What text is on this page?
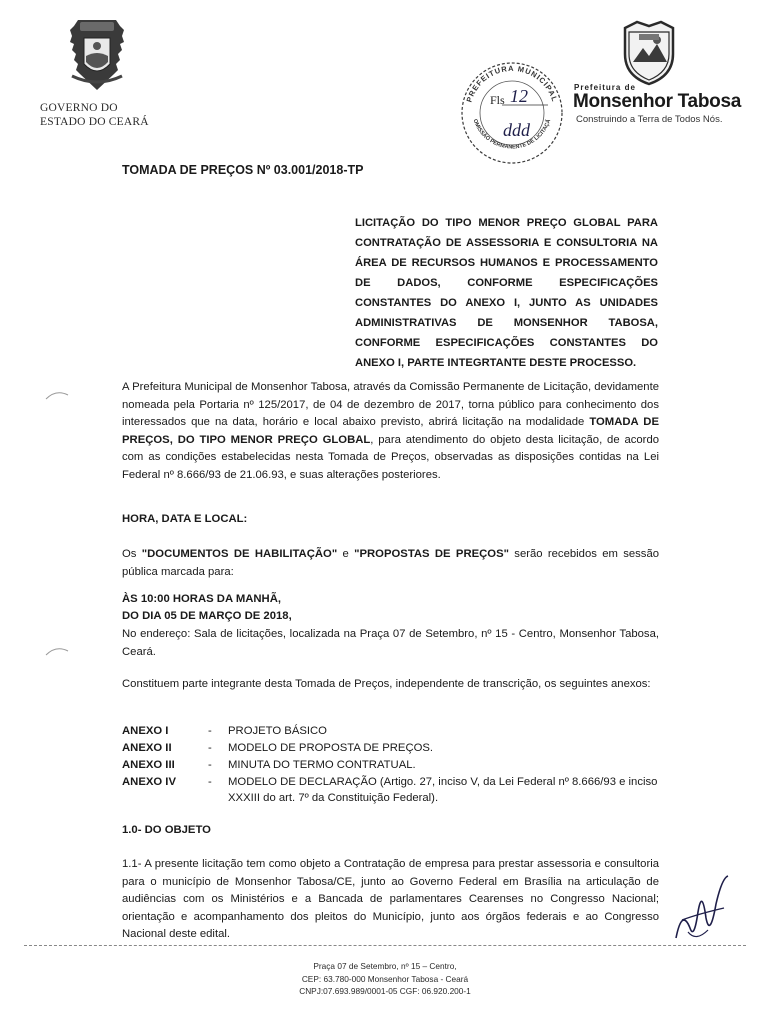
GOVERNO DO
ESTADO DO CEARÁ
PREFEITURA MUNICIPAL
OMISSÃO PERMANENTE DE LICITAÇÃ
Fls 12
ddd
Prefeitura de
Monsenhor Tabosa
Construindo a Terra de Todos Nós.
TOMADA DE PREÇOS Nº 03.001/2018-TP
LICITAÇÃO DO TIPO MENOR PREÇO GLOBAL PARA CONTRATAÇÃO DE ASSESSORIA E CONSULTORIA NA ÁREA DE RECURSOS HUMANOS E PROCESSAMENTO DE DADOS, CONFORME ESPECIFICAÇÕES CONSTANTES DO ANEXO I, JUNTO AS UNIDADES ADMINISTRATIVAS DE MONSENHOR TABOSA, CONFORME ESPECIFICAÇÕES CONSTANTES DO ANEXO I, PARTE INTEGRTANTE DESTE PROCESSO.
A Prefeitura Municipal de Monsenhor Tabosa, através da Comissão Permanente de Licitação, devidamente nomeada pela Portaria nº 125/2017, de 04 de dezembro de 2017, torna público para conhecimento dos interessados que na data, horário e local abaixo previsto, abrirá licitação na modalidade TOMADA DE PREÇOS, DO TIPO MENOR PREÇO GLOBAL, para atendimento do objeto desta licitação, de acordo com as condições estabelecidas nesta Tomada de Preços, observadas as disposições contidas na Lei Federal nº 8.666/93 de 21.06.93, e suas alterações posteriores.
HORA, DATA E LOCAL:
Os "DOCUMENTOS DE HABILITAÇÃO" e "PROPOSTAS DE PREÇOS" serão recebidos em sessão pública marcada para:
ÀS 10:00 HORAS DA MANHÃ,
DO DIA 05 DE MARÇO DE 2018,
No endereço: Sala de licitações, localizada na Praça 07 de Setembro, nº 15 - Centro, Monsenhor Tabosa, Ceará.
Constituem parte integrante desta Tomada de Preços, independente de transcrição, os seguintes anexos:
ANEXO I	- PROJETO BÁSICO
ANEXO II	- MODELO DE PROPOSTA DE PREÇOS.
ANEXO III	- MINUTA DO TERMO CONTRATUAL.
ANEXO IV	- MODELO DE DECLARAÇÃO (Artigo. 27, inciso V, da Lei Federal nº 8.666/93 e inciso XXXIII do art. 7º da Constituição Federal).
1.0- DO OBJETO
1.1- A presente licitação tem como objeto a Contratação de empresa para prestar assessoria e consultoria para o município de Monsenhor Tabosa/CE, junto ao Governo Federal em Brasília na articulação de audiências com os Ministérios e a Bancada de parlamentares Cearenses no Congresso Nacional; orientação e acompanhamento dos pleitos do Município, junto aos órgãos federais e ao Congresso Nacional deste edital.
Praça 07 de Setembro, nº 15 – Centro,
CEP: 63.780-000 Monsenhor Tabosa - Ceará
CNPJ:07.693.989/0001-05 CGF: 06.920.200-1
